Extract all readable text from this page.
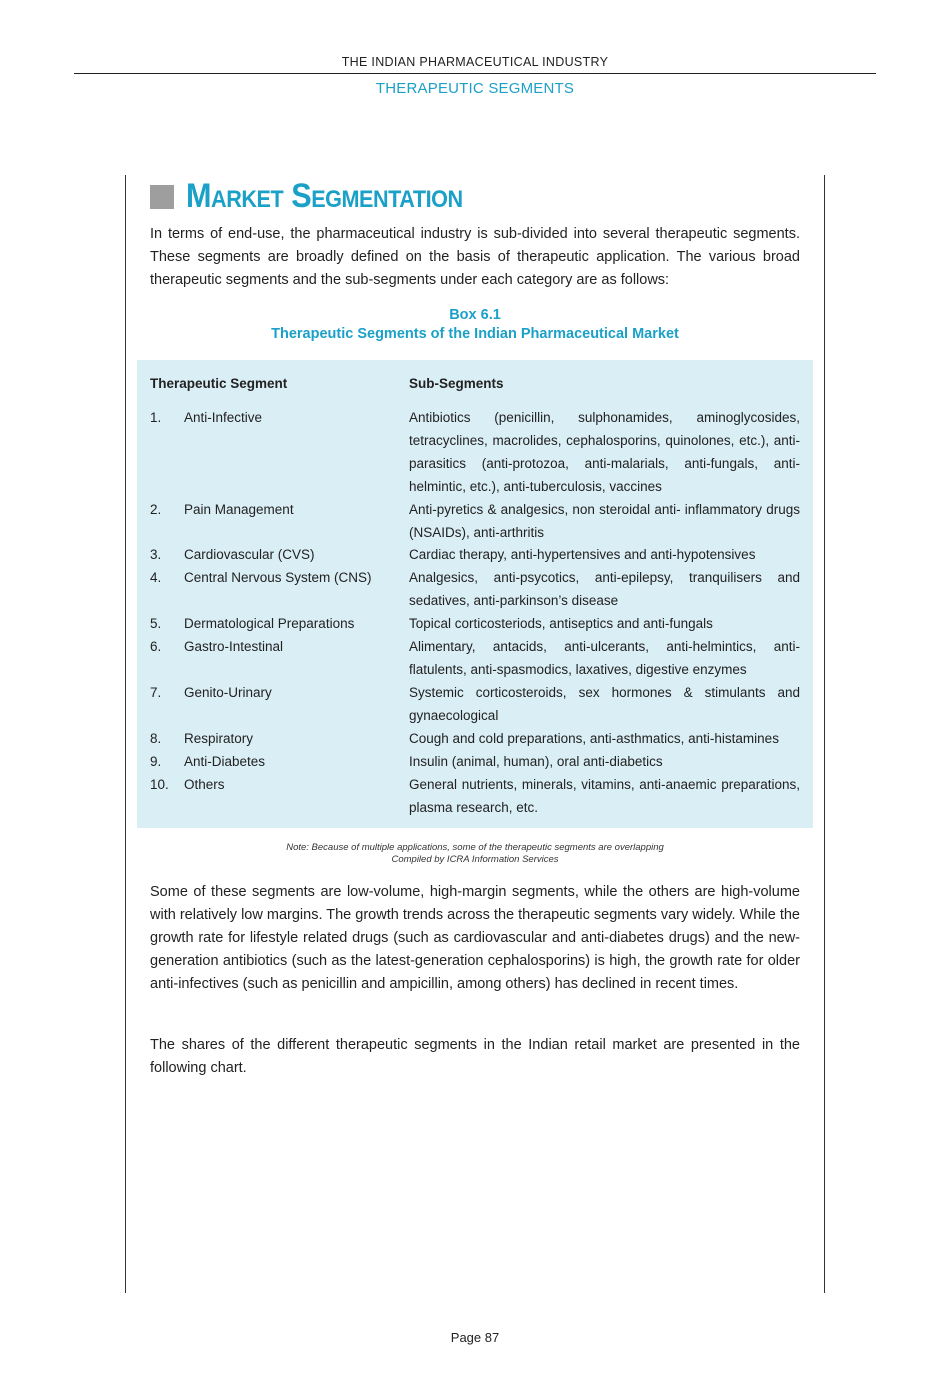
THE INDIAN PHARMACEUTICAL INDUSTRY
THERAPEUTIC SEGMENTS
Market Segmentation
In terms of end-use, the pharmaceutical industry is sub-divided into several therapeutic segments. These segments are broadly defined on the basis of therapeutic application. The various broad therapeutic segments and the sub-segments under each category are as follows:
Box 6.1
Therapeutic Segments of the Indian Pharmaceutical Market
Therapeutic Segment	Sub-Segments
1. Anti-Infective	Antibiotics (penicillin, sulphonamides, aminoglycosides, tetracyclines, macrolides, cephalosporins, quinolones, etc.), anti-parasitics (anti-protozoa, anti-malarials, anti-fungals, anti-helmintic, etc.), anti-tuberculosis, vaccines
2. Pain Management	Anti-pyretics & analgesics, non steroidal anti- inflammatory drugs (NSAIDs), anti-arthritis
3. Cardiovascular (CVS)	Cardiac therapy, anti-hypertensives and anti-hypotensives
4. Central Nervous System (CNS)	Analgesics, anti-psycotics, anti-epilepsy, tranquilisers and sedatives, anti-parkinson’s disease
5. Dermatological Preparations	Topical corticosteriods, antiseptics and anti-fungals
6. Gastro-Intestinal	Alimentary, antacids, anti-ulcerants, anti-helmintics, anti-flatulents, anti-spasmodics, laxatives, digestive enzymes
7. Genito-Urinary	Systemic corticosteroids, sex hormones & stimulants and gynaecological
8. Respiratory	Cough and cold preparations, anti-asthmatics, anti-histamines
9. Anti-Diabetes	Insulin (animal, human), oral anti-diabetics
10. Others	General nutrients, minerals, vitamins, anti-anaemic preparations, plasma research, etc.
Note: Because of multiple applications, some of the therapeutic segments are overlapping
Compiled by ICRA Information Services
Some of these segments are low-volume, high-margin segments, while the others are high-volume with relatively low margins. The growth trends across the therapeutic segments vary widely. While the growth rate for lifestyle related drugs (such as cardiovascular and anti-diabetes drugs) and the new-generation antibiotics (such as the latest-generation cephalosporins) is high, the growth rate for older anti-infectives (such as penicillin and ampicillin, among others) has declined in recent times.
The shares of the different therapeutic segments in the Indian retail market are presented in the following chart.
Page 87
